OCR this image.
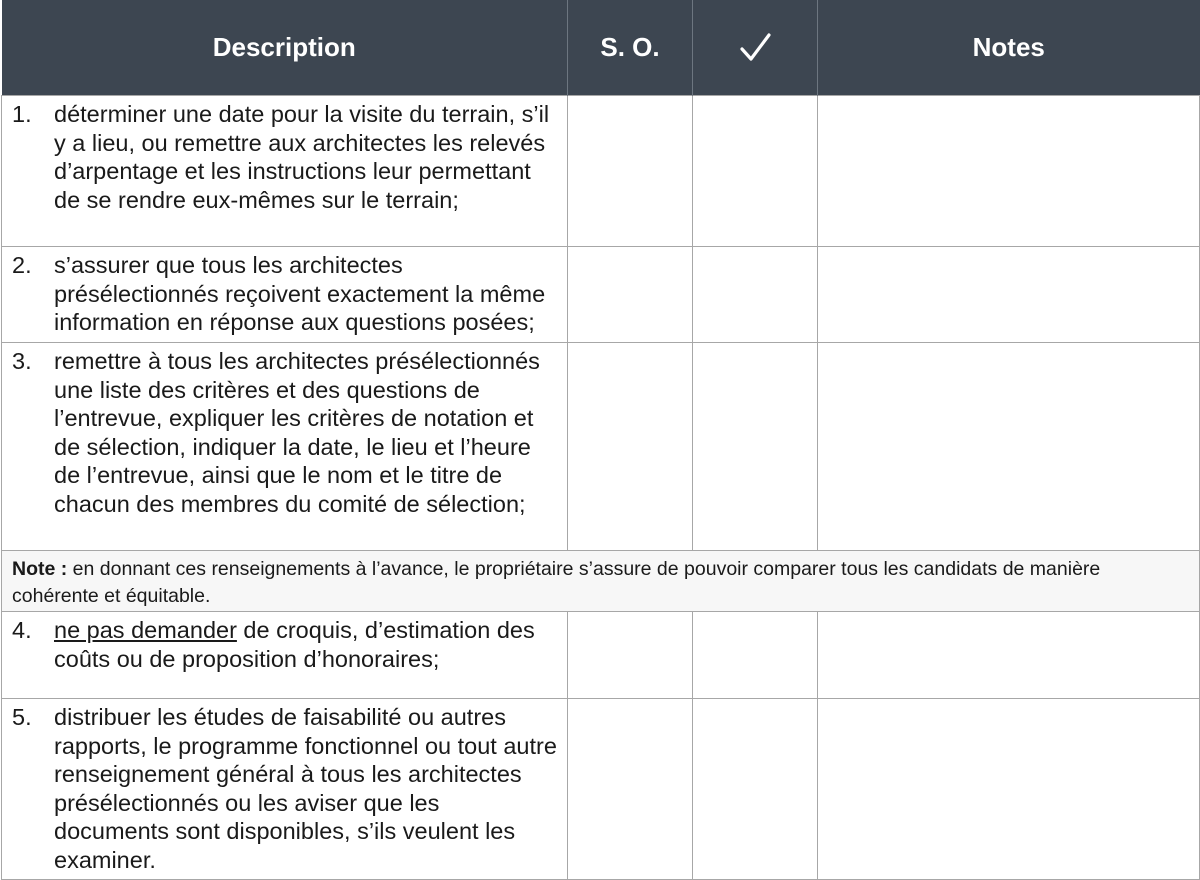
Description	S. O.		Notes

1. déterminer une date pour la visite du terrain, s’il y a lieu, ou remettre aux architectes les relevés d’arpentage et les instructions leur permettant de se rendre eux-mêmes sur le terrain;			

2. s’assurer que tous les architectes présélectionnés reçoivent exactement la même information en réponse aux questions posées;			

3. remettre à tous les architectes présélectionnés une liste des critères et des questions de l’entrevue, expliquer les critères de notation et de sélection, indiquer la date, le lieu et l’heure de l’entrevue, ainsi que le nom et le titre de chacun des membres du comité de sélection;			

Note : en donnant ces renseignements à l’avance, le propriétaire s’assure de pouvoir comparer tous les candidats de manière cohérente et équitable.			

4. ne pas demander de croquis, d’estimation des coûts ou de proposition d’honoraires;			

5. distribuer les études de faisabilité ou autres rapports, le programme fonctionnel ou tout autre renseignement général à tous les architectes présélectionnés ou les aviser que les documents sont disponibles, s’ils veulent les examiner.			
